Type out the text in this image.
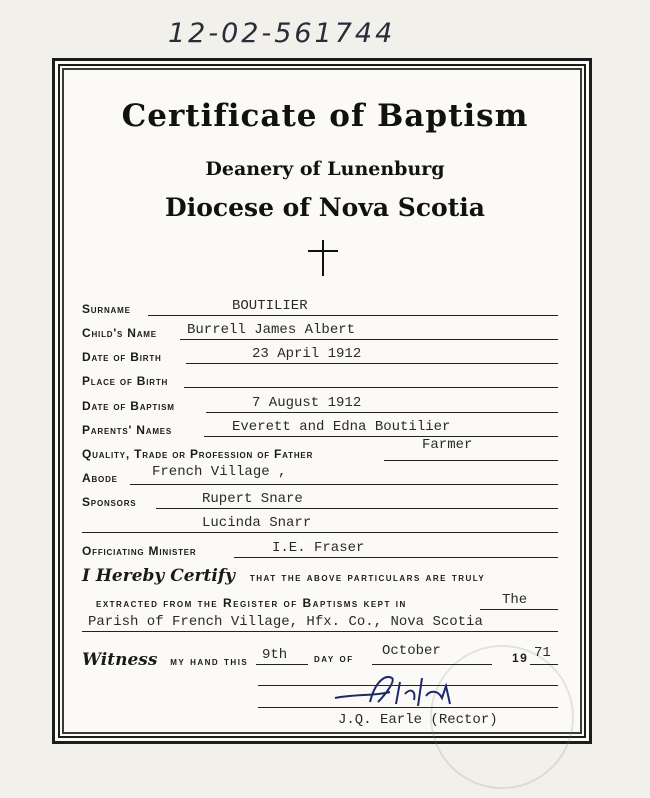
12-02-561744
Certificate of Baptism
Deanery of Lunenburg
Diocese of Nova Scotia
Surname	BOUTILIER
Child's Name Burrell James Albert
Date of Birth	23 April 1912
Place of Birth
Date of Baptism	7 August 1912
Parents' Names	Everett and Edna Boutilier
Quality, Trade or Profession of Father
Farmer
Abode French Village ,
Sponsors	Rupert Snare
Lucinda Snarr
Officiating Minister	I.E. Fraser
I Hereby Certify that the above particulars are truly
extracted from the Register of Baptisms kept in	The
Parish of French Village, Hfx. Co., Nova Scotia
Witness my hand this 9th day of October	19 71
J.Q. Earle (Rector)
